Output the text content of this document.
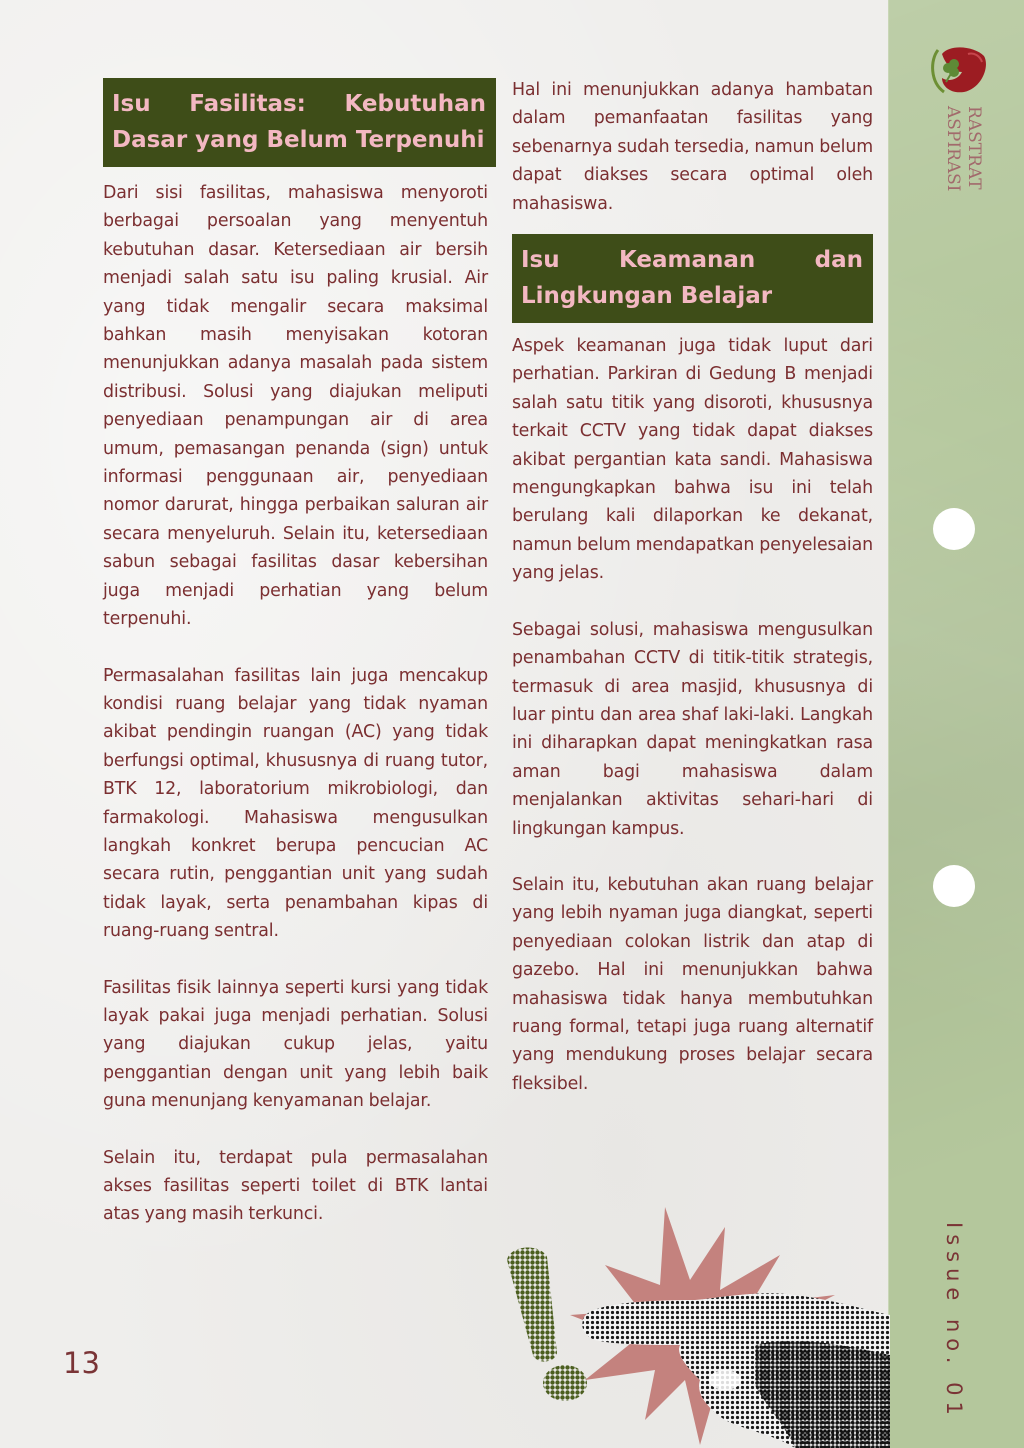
RASTRAT ASPIRASI
Issue no. 01
Isu Fasilitas: Kebutuhan Dasar yang Belum Terpenuhi

Dari sisi fasilitas, mahasiswa menyoroti berbagai persoalan yang menyentuh kebutuhan dasar. Ketersediaan air bersih menjadi salah satu isu paling krusial. Air yang tidak mengalir secara maksimal bahkan masih menyisakan kotoran menunjukkan adanya masalah pada sistem distribusi. Solusi yang diajukan meliputi penyediaan penampungan air di area umum, pemasangan penanda (sign) untuk informasi penggunaan air, penyediaan nomor darurat, hingga perbaikan saluran air secara menyeluruh. Selain itu, ketersediaan sabun sebagai fasilitas dasar kebersihan juga menjadi perhatian yang belum terpenuhi.

Permasalahan fasilitas lain juga mencakup kondisi ruang belajar yang tidak nyaman akibat pendingin ruangan (AC) yang tidak berfungsi optimal, khususnya di ruang tutor, BTK 12, laboratorium mikrobiologi, dan farmakologi. Mahasiswa mengusulkan langkah konkret berupa pencucian AC secara rutin, penggantian unit yang sudah tidak layak, serta penambahan kipas di ruang-ruang sentral.

Fasilitas fisik lainnya seperti kursi yang tidak layak pakai juga menjadi perhatian. Solusi yang diajukan cukup jelas, yaitu penggantian dengan unit yang lebih baik guna menunjang kenyamanan belajar.

Selain itu, terdapat pula permasalahan akses fasilitas seperti toilet di BTK lantai atas yang masih terkunci.

Hal ini menunjukkan adanya hambatan dalam pemanfaatan fasilitas yang sebenarnya sudah tersedia, namun belum dapat diakses secara optimal oleh mahasiswa.

Isu Keamanan dan Lingkungan Belajar

Aspek keamanan juga tidak luput dari perhatian. Parkiran di Gedung B menjadi salah satu titik yang disoroti, khususnya terkait CCTV yang tidak dapat diakses akibat pergantian kata sandi. Mahasiswa mengungkapkan bahwa isu ini telah berulang kali dilaporkan ke dekanat, namun belum mendapatkan penyelesaian yang jelas.

Sebagai solusi, mahasiswa mengusulkan penambahan CCTV di titik-titik strategis, termasuk di area masjid, khususnya di luar pintu dan area shaf laki-laki. Langkah ini diharapkan dapat meningkatkan rasa aman bagi mahasiswa dalam menjalankan aktivitas sehari-hari di lingkungan kampus.

Selain itu, kebutuhan akan ruang belajar yang lebih nyaman juga diangkat, seperti penyediaan colokan listrik dan atap di gazebo. Hal ini menunjukkan bahwa mahasiswa tidak hanya membutuhkan ruang formal, tetapi juga ruang alternatif yang mendukung proses belajar secara fleksibel.

13
